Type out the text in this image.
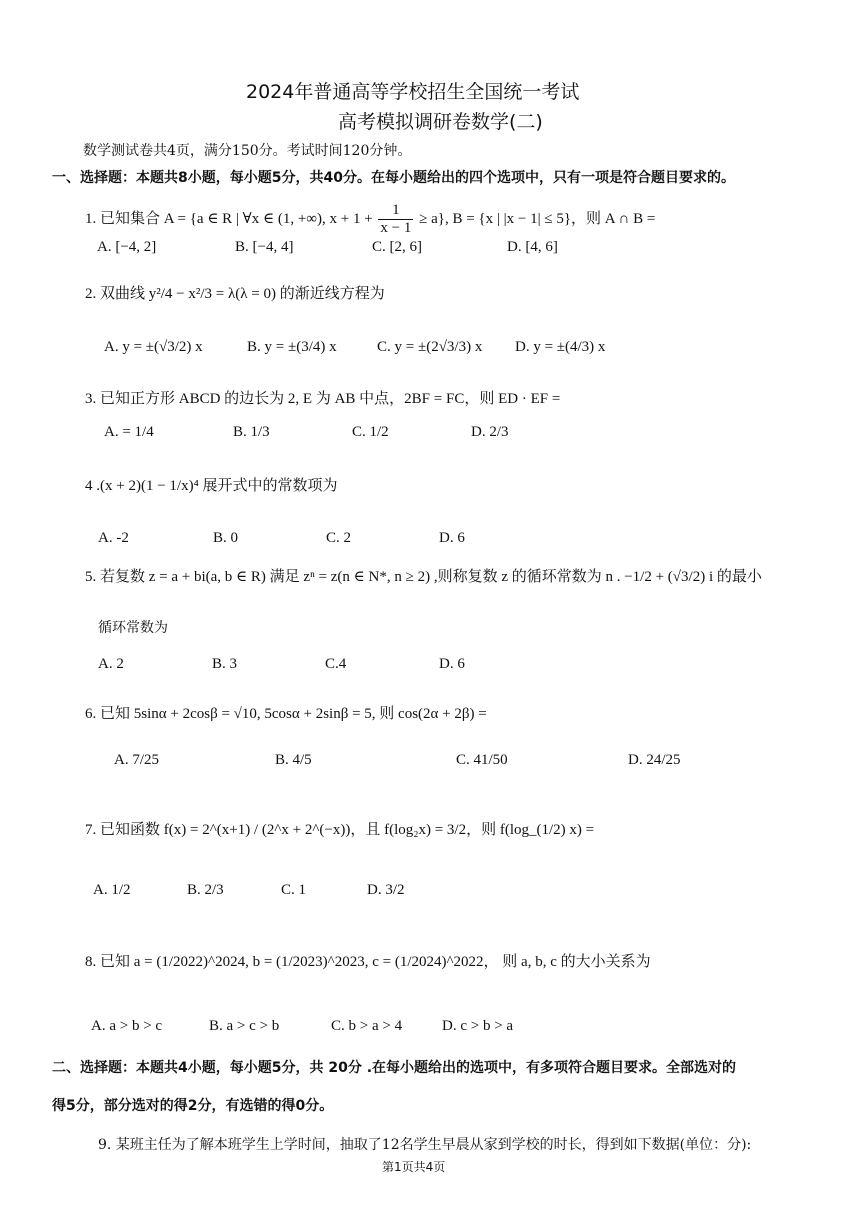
2024年普通高等学校招生全国统一考试
高考模拟调研卷数学(二)
数学测试卷共4页，满分150分。考试时间120分钟。
一、选择题：本题共8小题，每小题5分，共40分。在每小题给出的四个选项中，只有一项是符合题目要求的。
1. 已知集合 A = {a ∈ R | ∀x ∈ (1, +∞), $x + 1 + \frac{1}{x - 1} \ge a$}, B = {x | |x − 1| ≤ 5}，则 A ∩ B =
A. [−4, 2]	B. [−4, 4]	C. [2, 6]	D. [4, 6]
2. 双曲线 y²/4 − x²/3 = λ(λ = 0) 的渐近线方程为
A. y = ±(√3/2) x	B. y = ±(3/4) x	C. y = ±(2√3/3) x D. y = ±(4/3) x
3. 已知正方形 ABCD 的边长为 2, E 为 AB 中点，2BF = FC，则 ED · EF =
A. = 1/4	B. 1/3	C. 1/2	D. 2/3
4 .(x + 2)(1 − 1/x)⁴ 展开式中的常数项为
A. -2	B. 0	C. 2	D. 6
5. 若复数 z = a + bi(a, b ∈ R) 满足 zⁿ = z(n ∈ N*, n ≥ 2) ,则称复数 z 的循环常数为 n . −1/2 + (√3/2) i 的最小
循环常数为
A. 2	B. 3	C.4	D. 6
6. 已知 5sinα + 2cosβ = √10, 5cosα + 2sinβ = 5, 则 cos(2α + 2β) =
A. 7/25	B. 4/5	C. 41/50	D. 24/25
7. 已知函数 f(x) = 2^(x+1) / (2^x + 2^(−x))，且 f(log₂x) = 3/2，则 f(log_(1/2) x) =
A. 1/2	B. 2/3	C. 1	D. 3/2
8. 已知 a = (1/2022)^2024, b = (1/2023)^2023, c = (1/2024)^2022， 则 a, b, c 的大小关系为
A. a > b > c	B. a > c > b	C. b > a > 4	D. c > b > a
二、选择题：本题共4小题，每小题5分，共 20分 .在每小题给出的选项中，有多项符合题目要求。全部选对的
得5分，部分选对的得2分，有选错的得0分。
9. 某班主任为了解本班学生上学时间，抽取了12名学生早晨从家到学校的时长，得到如下数据(单位：分):
第1页共4页
